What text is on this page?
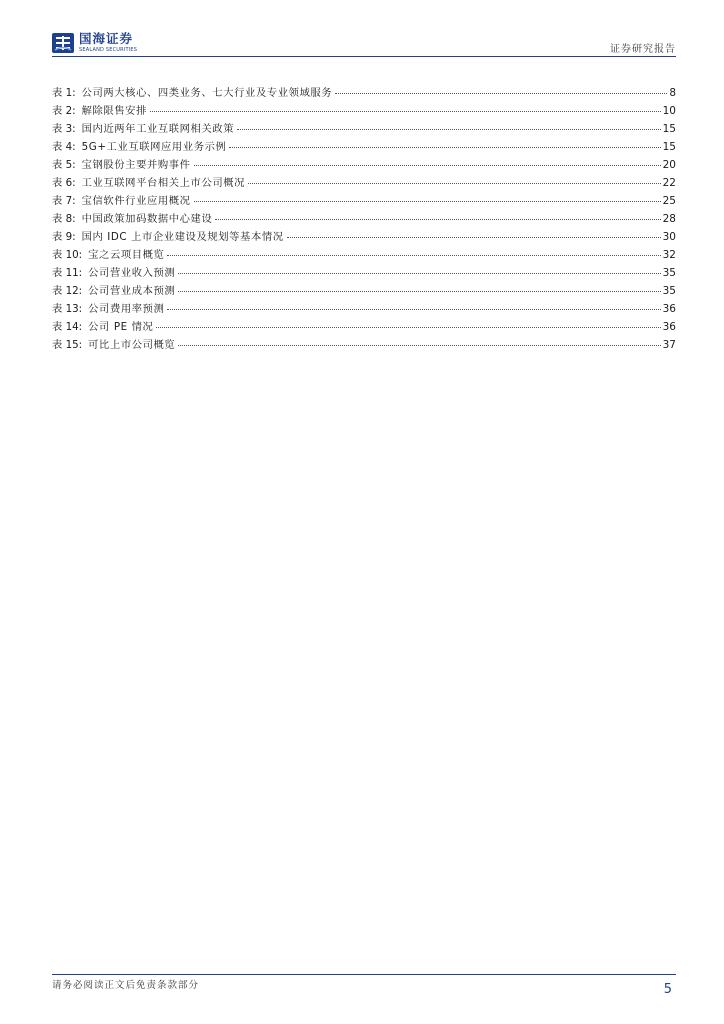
国海证券
SEALAND SECURITIES	证券研究报告
表 1: 公司两大核心、四类业务、七大行业及专业领域服务	8
表 2: 解除限售安排	10
表 3: 国内近两年工业互联网相关政策	15
表 4: 5G+工业互联网应用业务示例	15
表 5: 宝钢股份主要并购事件	20
表 6: 工业互联网平台相关上市公司概况	22
表 7: 宝信软件行业应用概况	25
表 8: 中国政策加码数据中心建设	28
表 9: 国内 IDC 上市企业建设及规划等基本情况	30
表 10: 宝之云项目概览	32
表 11: 公司营业收入预测	35
表 12: 公司营业成本预测	35
表 13: 公司费用率预测	36
表 14: 公司 PE 情况	36
表 15: 可比上市公司概览	37
请务必阅读正文后免责条款部分	5
